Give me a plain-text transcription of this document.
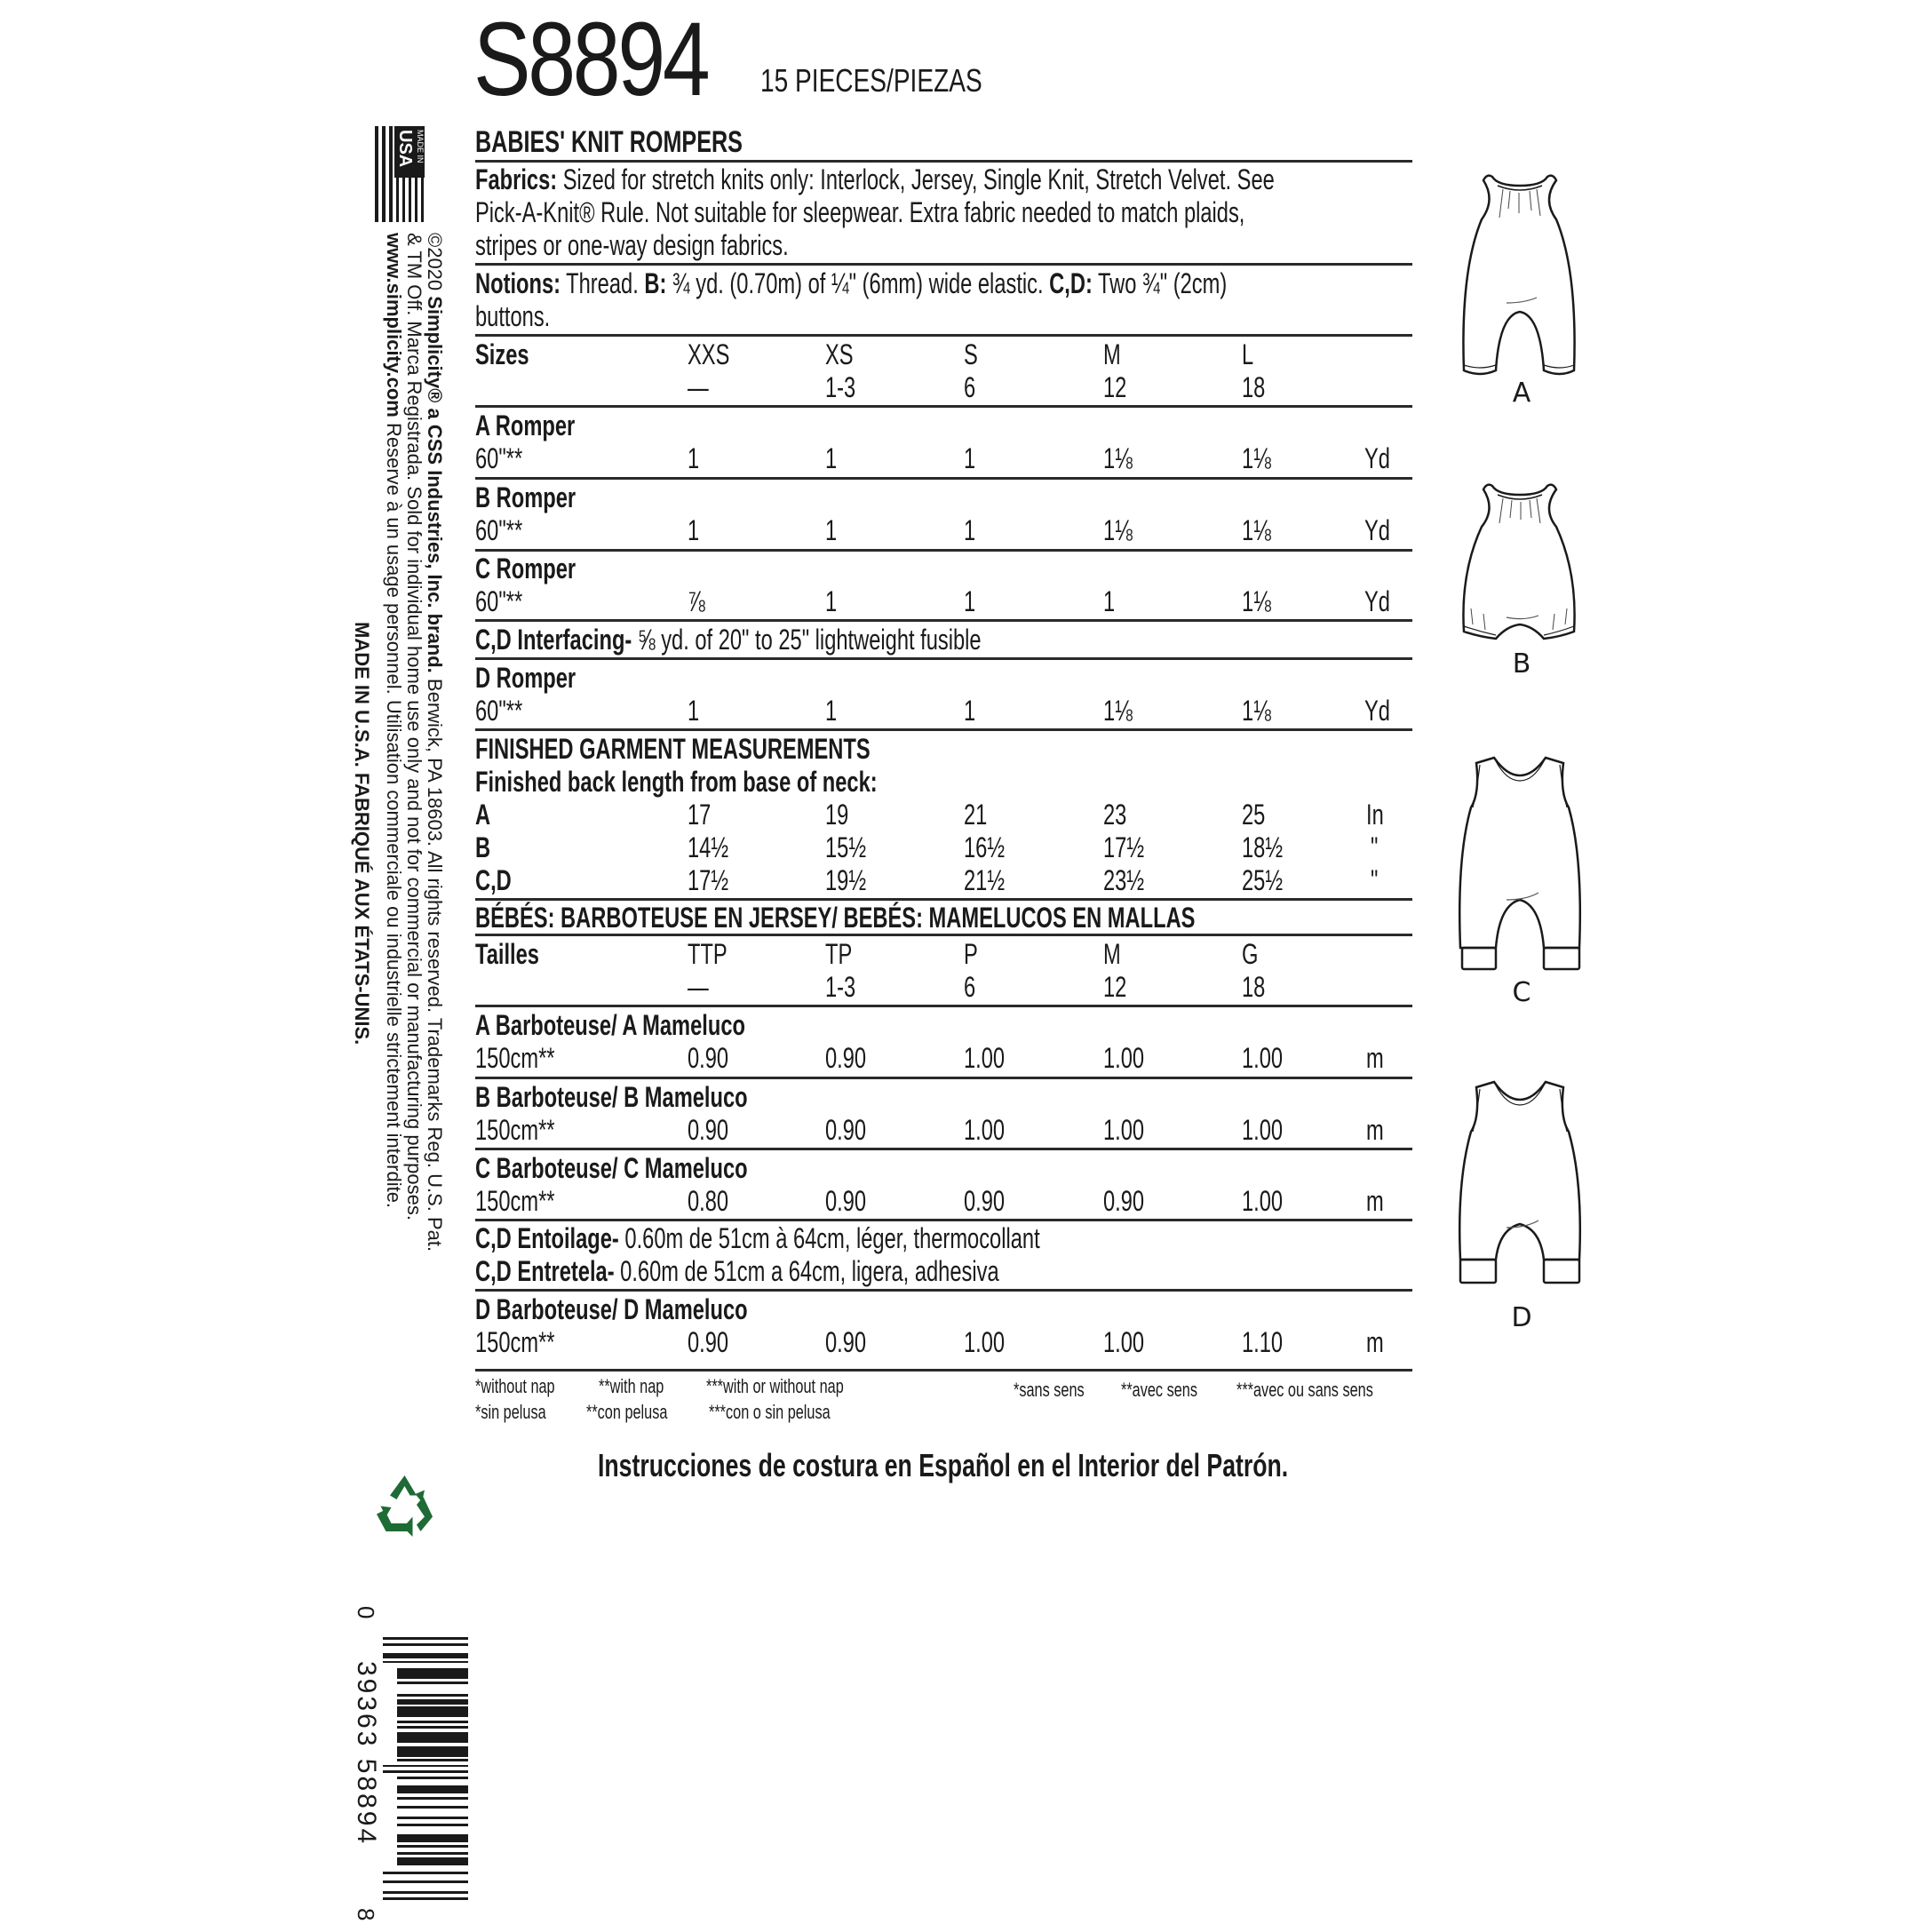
S8894 15 PIECES/PIEZAS
BABIES' KNIT ROMPERS
Fabrics: Sized for stretch knits only: Interlock, Jersey, Single Knit, Stretch Velvet. See
Pick-A-Knit® Rule. Not suitable for sleepwear. Extra fabric needed to match plaids,
stripes or one-way design fabrics.
Notions: Thread. B: ¾ yd. (0.70m) of ¼" (6mm) wide elastic. C,D: Two ¾" (2cm)
buttons.
Sizes	XXS	XS	S	M	L
—	1-3	6	12	18
A Romper
60"**	1	1	1	1⅛	1⅛	Yd
B Romper
60"**	1	1	1	1⅛	1⅛	Yd
C Romper
60"**	⅞	1	1	1	1⅛	Yd
C,D Interfacing- ⅝ yd. of 20" to 25" lightweight fusible
D Romper
60"**	1	1	1	1⅛	1⅛	Yd
FINISHED GARMENT MEASUREMENTS
Finished back length from base of neck:
A	17	19	21	23	25	In
B	14½	15½	16½	17½	18½	"
C,D	17½	19½	21½	23½	25½	"
BÉBÉS: BARBOTEUSE EN JERSEY/ BEBÉS: MAMELUCOS EN MALLAS
Tailles	TTP	TP	P	M	G
—	1-3	6	12	18
A Barboteuse/ A Mameluco
150cm**	0.90	0.90	1.00	1.00	1.00	m
B Barboteuse/ B Mameluco
150cm**	0.90	0.90	1.00	1.00	1.00	m
C Barboteuse/ C Mameluco
150cm**	0.80	0.90	0.90	0.90	1.00	m
C,D Entoilage- 0.60m de 51cm à 64cm, léger, thermocollant
C,D Entretela- 0.60m de 51cm a 64cm, ligera, adhesiva
D Barboteuse/ D Mameluco
150cm**	0.90	0.90	1.00	1.00	1.10	m
*without nap **with nap ***with or without nap
*sin pelusa **con pelusa ***con o sin pelusa
*sans sens **avec sens ***avec ou sans sens
Instrucciones de costura en Español en el Interior del Patrón.
USA MADE IN
©2020 Simplicity® a CSS Industries, Inc. brand. Berwick, PA 18603. All rights reserved. Trademarks Reg. U.S. Pat.
& TM Off. Marca Registrada. Sold for individual home use only and not for commercial or manufacturing purposes.
www.simplicity.com Reserve à un usage personnel. Utilisation commerciale ou industrielle strictement interdite.
MADE IN U.S.A. FABRIQUÉ AUX ÉTATS-UNIS.
0
39363 58894
8
A
B
C
D
